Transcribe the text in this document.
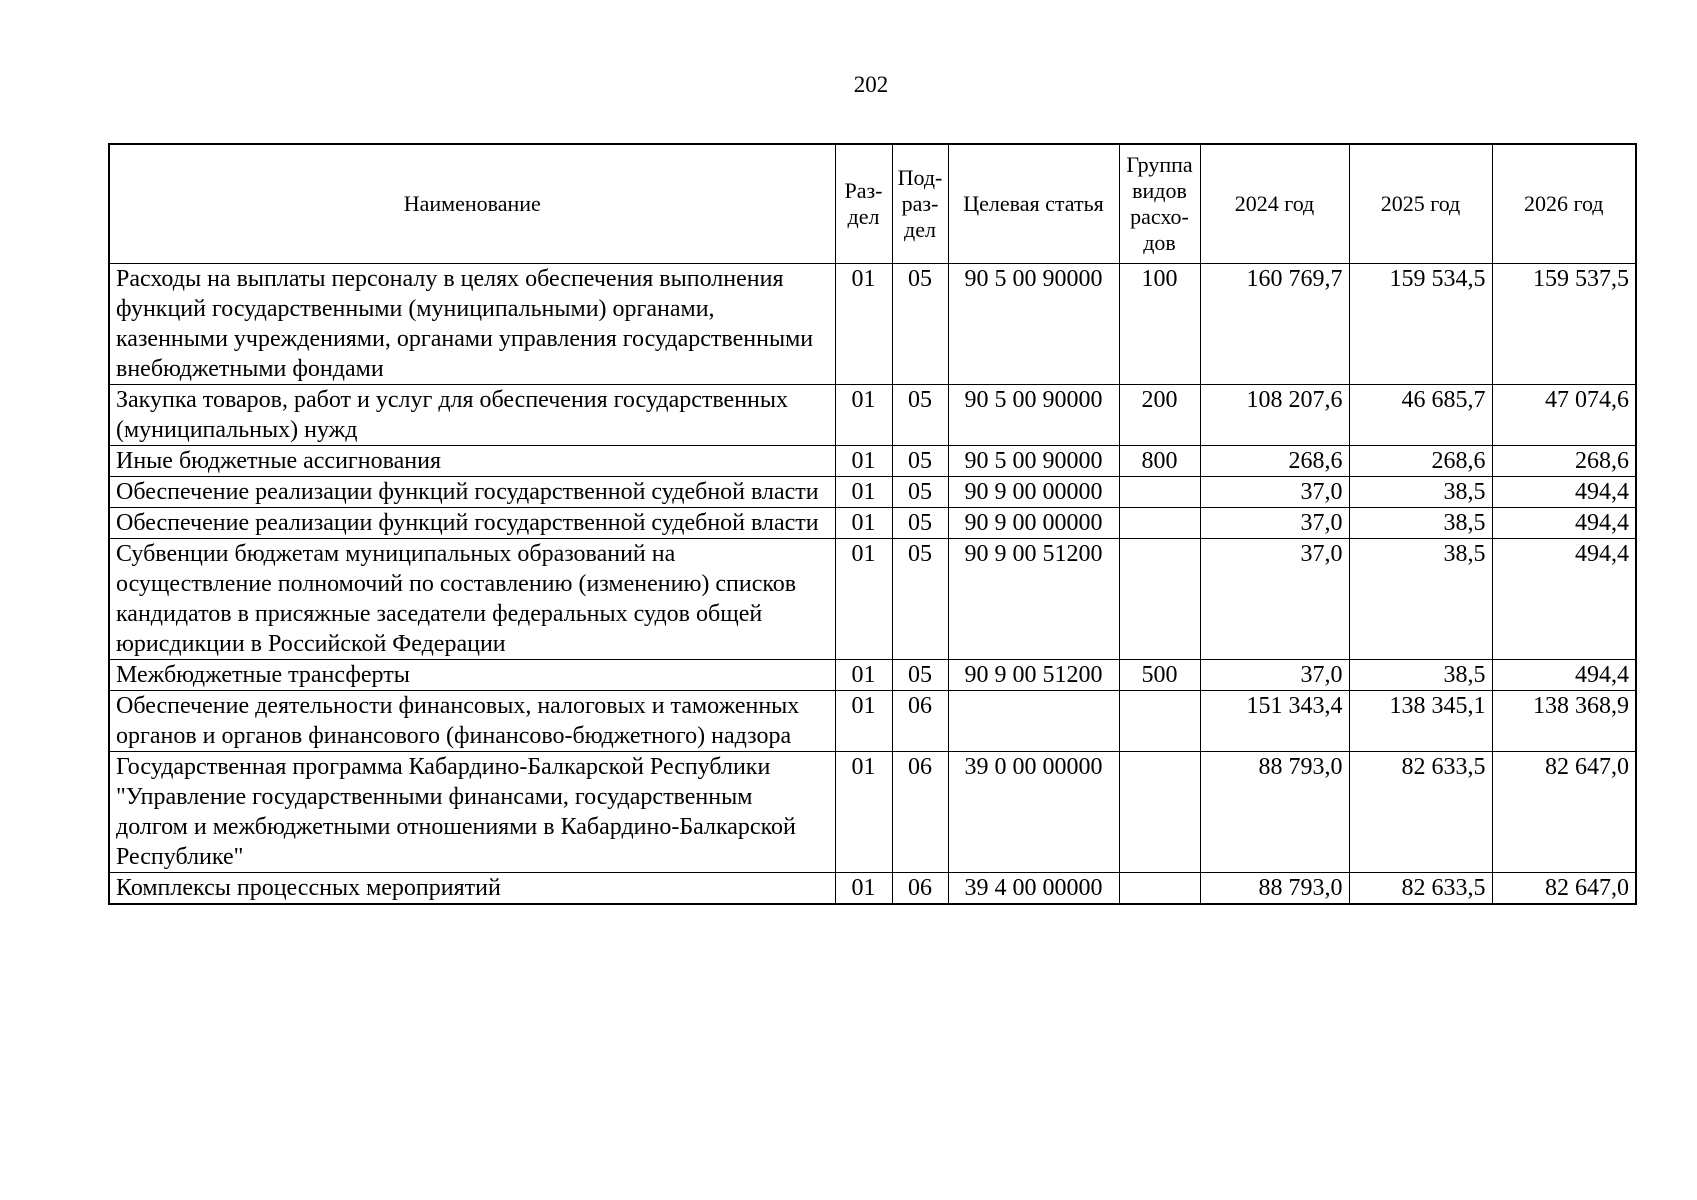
202
Наименование	Раз- дел	Под- раз- дел	Целевая статья	Группа видов расхо- дов	2024 год	2025 год	2026 год
Расходы на выплаты персоналу в целях обеспечения выполнения функций государственными (муниципальными) органами, казенными учреждениями, органами управления государственными внебюджетными фондами	01	05	90 5 00 90000	100	160 769,7	159 534,5	159 537,5
Закупка товаров, работ и услуг для обеспечения государственных (муниципальных) нужд	01	05	90 5 00 90000	200	108 207,6	46 685,7	47 074,6
Иные бюджетные ассигнования	01	05	90 5 00 90000	800	268,6	268,6	268,6
Обеспечение реализации функций государственной судебной власти	01	05	90 9 00 00000		37,0	38,5	494,4
Обеспечение реализации функций государственной судебной власти	01	05	90 9 00 00000		37,0	38,5	494,4
Субвенции бюджетам муниципальных образований на осуществление полномочий по составлению (изменению) списков кандидатов в присяжные заседатели федеральных судов общей юрисдикции в Российской Федерации	01	05	90 9 00 51200		37,0	38,5	494,4
Межбюджетные трансферты	01	05	90 9 00 51200	500	37,0	38,5	494,4
Обеспечение деятельности финансовых, налоговых и таможенных органов и органов финансового (финансово-бюджетного) надзора	01	06			151 343,4	138 345,1	138 368,9
Государственная программа Кабардино-Балкарской Республики "Управление государственными финансами, государственным долгом и межбюджетными отношениями в Кабардино-Балкарской Республике"	01	06	39 0 00 00000		88 793,0	82 633,5	82 647,0
Комплексы процессных мероприятий	01	06	39 4 00 00000		88 793,0	82 633,5	82 647,0
